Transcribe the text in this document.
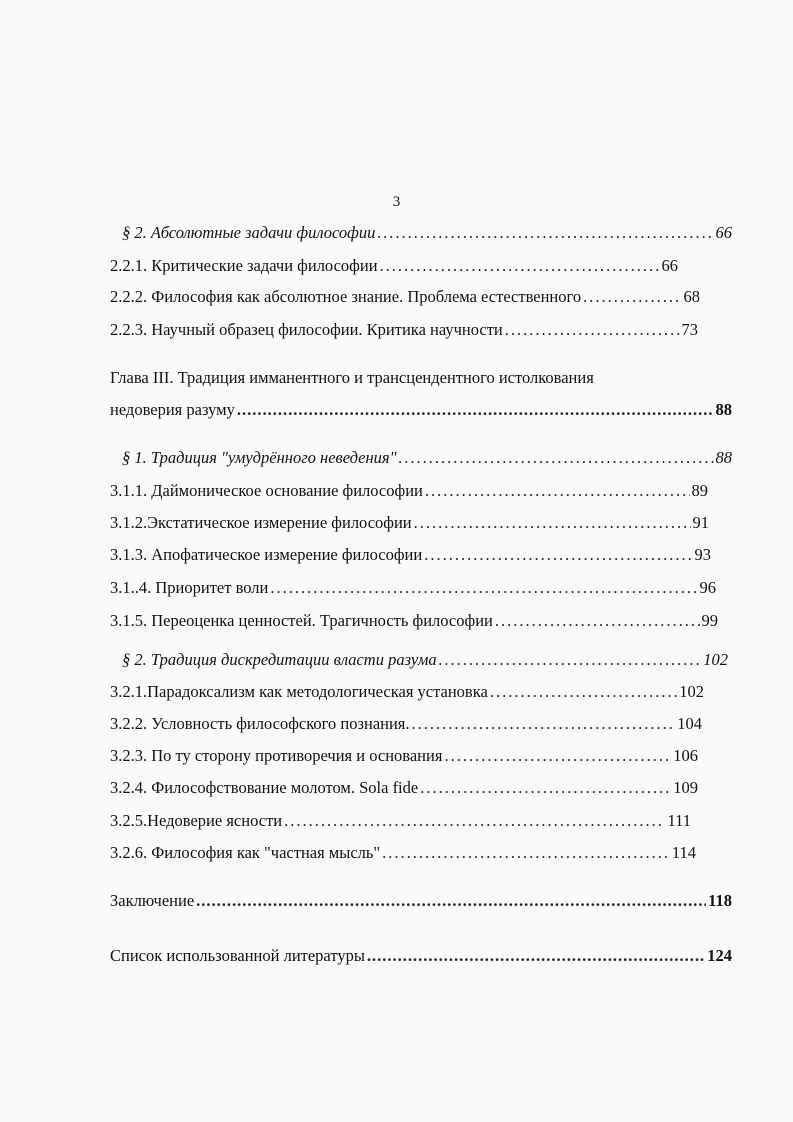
3
§ 2. Абсолютные задачи философии .....	66
2.2.1. Критические задачи философии .....	66
2.2.2. Философия как абсолютное знание. Проблема естественного .....	68
2.2.3. Научный образец философии. Критика научности .....	73
Глава III. Традиция имманентного и трансцендентного истолкования
недоверия разуму .....	88
§ 1. Традиция "умудрённого неведения" .....	88
3.1.1. Даймоническое основание философии .....	89
3.1.2.Экстатическое измерение философии .....	91
3.1.3. Апофатическое измерение философии .....	93
3.1..4. Приоритет воли .....	96
3.1.5. Переоценка ценностей. Трагичность философии .....	99
§ 2. Традиция дискредитации власти разума .....	102
3.2.1.Парадоксализм как методологическая установка .....	102
3.2.2. Условность философского познания. .....	104
3.2.3. По ту сторону противоречия и основания .....	106
3.2.4. Философствование молотом. Sola fide .....	109
3.2.5.Недоверие ясности .....	111
3.2.6. Философия как "частная мысль" .....	114
Заключение .....	118
Список использованной литературы .....	124
